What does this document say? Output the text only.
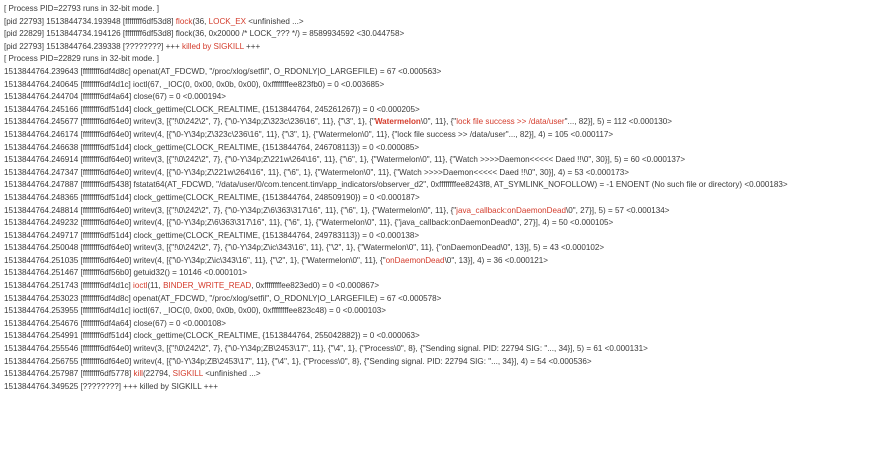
[ Process PID=22793 runs in 32-bit mode. ]
[pid 22793] 1513844734.193948 [ffffffff6df53d8] flock(36, LOCK_EX <unfinished ...>
[pid 22829] 1513844734.194126 [ffffffff6df53d8] flock(36, 0x20000 /* LOCK_??? */) = 8589934592 <30.044758>
[pid 22793] 1513844764.239338 [????????] +++ killed by SIGKILL +++
[ Process PID=22829 runs in 32-bit mode. ]
1513844764.239643 [ffffffff6df4d8c] openat(AT_FDCWD, "/proc/xlog/setfil", O_RDONLY|O_LARGEFILE) = 67 <0.000563>
1513844764.240645 [ffffffff6df4d1c] ioctl(67, _IOC(0, 0x00, 0x0b, 0x00), 0xffffffffee823fb0) = 0 <0.003685>
1513844764.244704 [ffffffff6df4a64] close(67) = 0 <0.000194>
1513844764.245166 [ffffffff6df51d4] clock_gettime(CLOCK_REALTIME, {1513844764, 245261267}) = 0 <0.000205>
1513844764.245677 [ffffffff6df64e0] writev(3, [{"!\0\242\2", 7}, {"\0-Y\34p;Z\323c\236\16", 11}, {"\3", 1}, {"Watermelon\0", 11}, {"lock file success >> /data/user"..., 82}], 5) = 112 <0.000130>
1513844764.246174 [ffffffff6df64e0] writev(4, [{"\0-Y\34p;Z\323c\236\16", 11}, {"\3", 1}, {"Watermelon\0", 11}, {"lock file success >> /data/user"..., 82}], 4) = 105 <0.000117>
1513844764.246638 [ffffffff6df51d4] clock_gettime(CLOCK_REALTIME, {1513844764, 246708113}) = 0 <0.000085>
1513844764.246914 [ffffffff6df64e0] writev(3, [{"!\0\242\2", 7}, {"\0-Y\34p;Z\221w\264\16", 11}, {"\6", 1}, {"Watermelon\0", 11}, {"Watch >>>>Daemon<<<<< Daed !!\0", 30}], 5) = 60 <0.000137>
1513844764.247347 [ffffffff6df64e0] writev(4, [{"\0-Y\34p;Z\221w\264\16", 11}, {"\6", 1}, {"Watermelon\0", 11}, {"Watch >>>>Daemon<<<<< Daed !!\0", 30}], 4) = 53 <0.000173>
1513844764.247887 [ffffffff6df5438] fstatat64(AT_FDCWD, "/data/user/0/com.tencent.tim/app_indicators/observer_d2", 0xffffffffee8243f8, AT_SYMLINK_NOFOLLOW) = -1 ENOENT (No such file or directory) <0.000183>
1513844764.248365 [ffffffff6df51d4] clock_gettime(CLOCK_REALTIME, {1513844764, 248509190}) = 0 <0.000187>
1513844764.248814 [ffffffff6df64e0] writev(3, [{"!\0\242\2", 7}, {"\0-Y\34p;Z\6\363\317\16", 11}, {"\6", 1}, {"Watermelon\0", 11}, {"java_callback:onDaemonDead\0", 27}], 5) = 57 <0.000134>
1513844764.249232 [ffffffff6df64e0] writev(4, [{"\0-Y\34p;Z\6\363\317\16", 11}, {"\6", 1}, {"Watermelon\0", 11}, {"java_callback:onDaemonDead\0", 27}], 4) = 50 <0.000105>
1513844764.249717 [ffffffff6df51d4] clock_gettime(CLOCK_REALTIME, {1513844764, 249783113}) = 0 <0.000138>
1513844764.250048 [ffffffff6df64e0] writev(3, [{"!\0\242\2", 7}, {"\0-Y\34p;Z\ic\343\16", 11}, {"\2", 1}, {"Watermelon\0", 11}, {"onDaemonDead\0", 13}], 5) = 43 <0.000102>
1513844764.251035 [ffffffff6df64e0] writev(4, [{"\0-Y\34p;Z\ic\343\16", 11}, {"\2", 1}, {"Watermelon\0", 11}, {"onDaemonDead\0", 13}], 4) = 36 <0.000121>
1513844764.251467 [ffffffff6df56b0] getuid32() = 10146 <0.000101>
1513844764.251743 [ffffffff6df4d1c] ioctl(11, BINDER_WRITE_READ, 0xffffffffee823ed0) = 0 <0.000867>
1513844764.253023 [ffffffff6df4d8c] openat(AT_FDCWD, "/proc/xlog/setfil", O_RDONLY|O_LARGEFILE) = 67 <0.000578>
1513844764.253955 [ffffffff6df4d1c] ioctl(67, _IOC(0, 0x00, 0x0b, 0x00), 0xffffffffee823c48) = 0 <0.000103>
1513844764.254676 [ffffffff6df4a64] close(67) = 0 <0.000108>
1513844764.254991 [ffffffff6df51d4] clock_gettime(CLOCK_REALTIME, {1513844764, 255042882}) = 0 <0.000063>
1513844764.255546 [ffffffff6df64e0] writev(3, [{"!\0\242\2", 7}, {"\0-Y\34p;ZB\2453\17", 11}, {"\4", 1}, {"Process\0", 8}, {"Sending signal. PID: 22794 SIG: "..., 34}], 5) = 61 <0.000131>
1513844764.256755 [ffffffff6df64e0] writev(4, [{"\0-Y\34p;ZB\2453\17", 11}, {"\4", 1}, {"Process\0", 8}, {"Sending signal. PID: 22794 SIG: "..., 34}], 4) = 54 <0.000536>
1513844764.257987 [ffffffff6df5778] kill(22794, SIGKILL <unfinished ...>
1513844764.349525 [????????] +++ killed by SIGKILL +++
